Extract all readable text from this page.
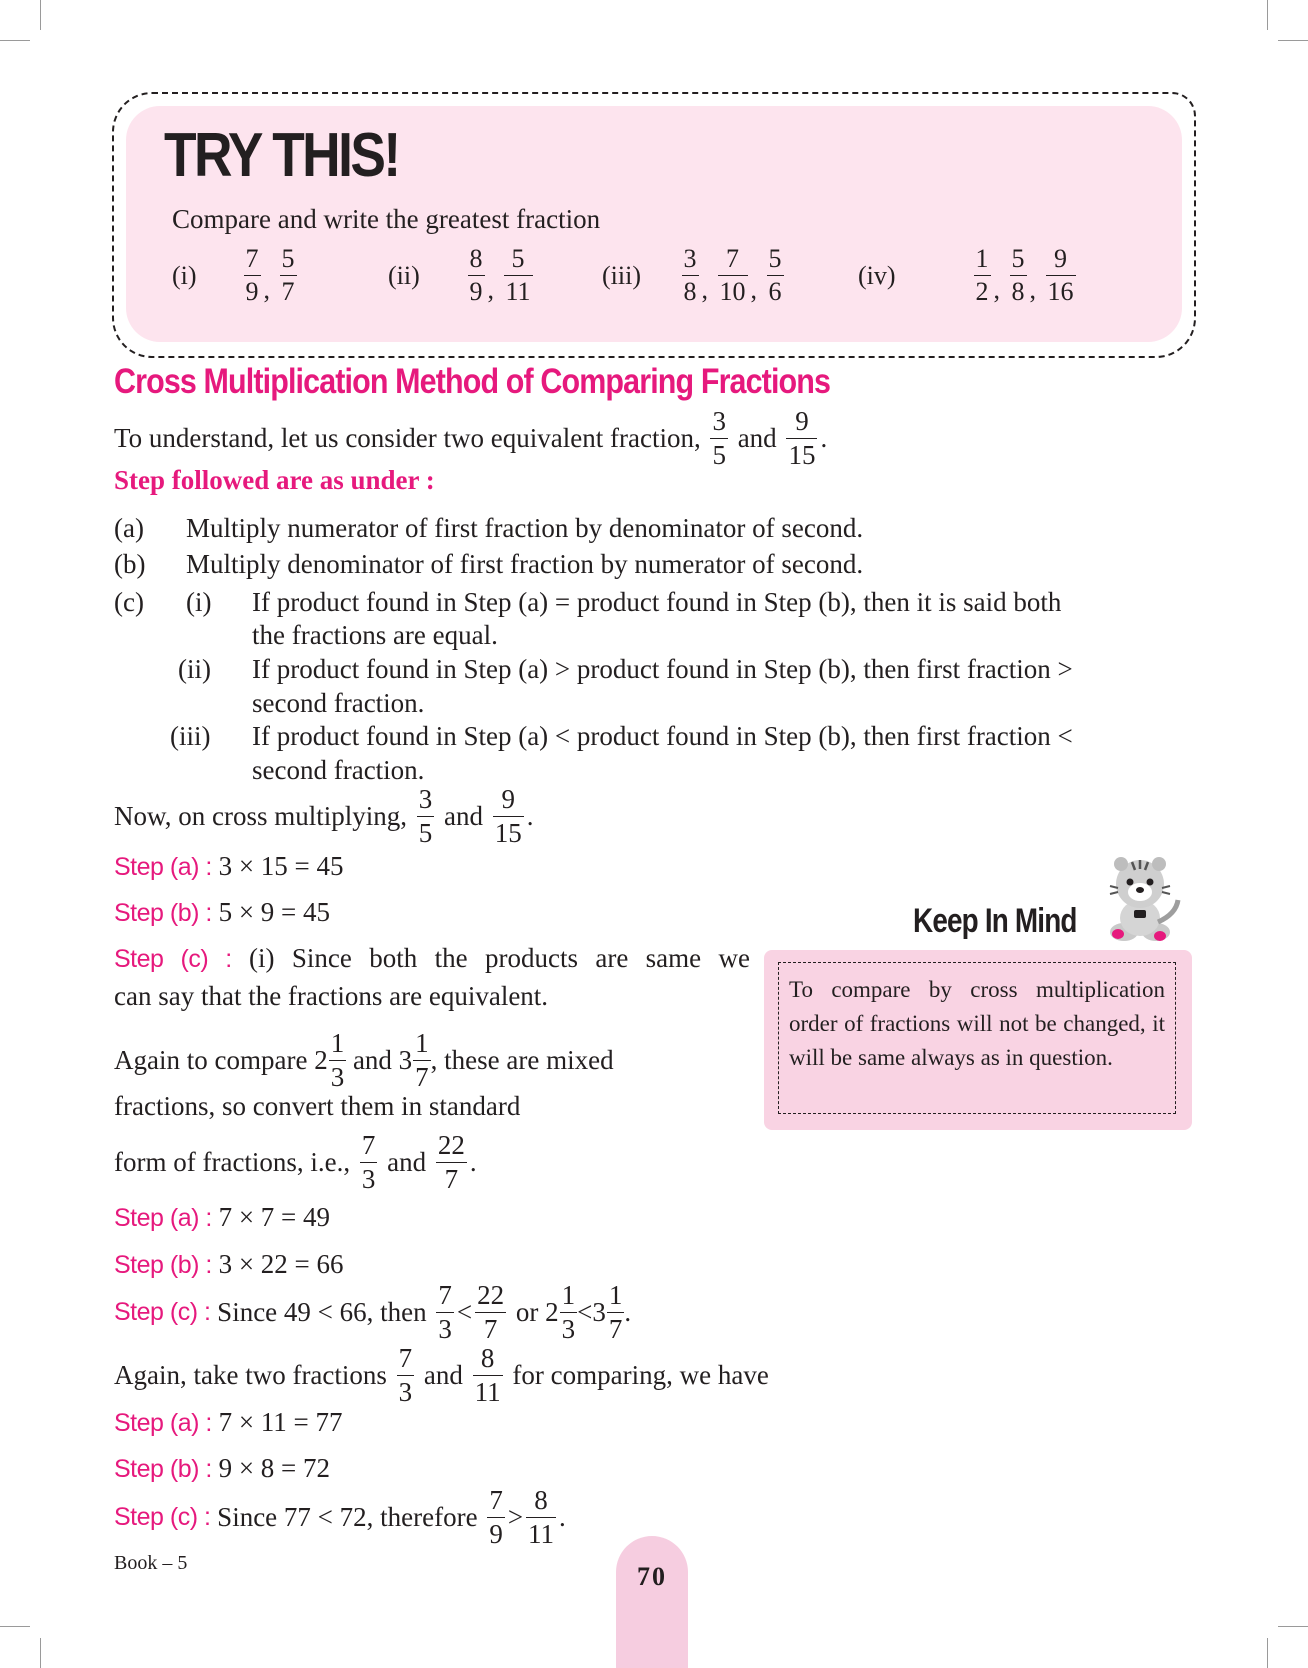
TRY THIS!
Compare and write the greatest fraction
$(i) \frac{7}{9}$ , $\frac{5}{7}$	$(ii) \frac{8}{9}$ , $\frac{5}{11}$	$(iii) \frac{3}{8}$ , $\frac{7}{10}$ , $\frac{5}{6}$	(iv)	$\frac{1}{2}$ , $\frac{5}{8}$ , $\frac{9}{16}$
Cross Multiplication Method of Comparing Fractions
To understand, let us consider two equivalent fraction, $\frac{3}{5}$ and $\frac{9}{15}$ .
Step followed are as under :
(a) Multiply numerator of first fraction by denominator of second.
(b) Multiply denominator of first fraction by numerator of second.
(c) (i) If product found in Step (a) = product found in Step (b), then it is said both
the fractions are equal.
(ii) If product found in Step (a) > product found in Step (b), then first fraction >
second fraction.
(iii) If product found in Step (a) < product found in Step (b), then first fraction <
second fraction.
Now, on cross multiplying, $\frac{3}{5}$ and $\frac{9}{15}$ .
Step (a) : 3 × 15 = 45
Step (b) : 5 × 9 = 45
Step (c) : (i) Since both the products are same we
can say that the fractions are equivalent.
Again to compare $2 \frac{1}{3}$ and $3 \frac{1}{7}$ , these are mixed
fractions, so convert them in standard
form of fractions, i.e., $\frac{7}{3}$ and $\frac{22}{7}$ .
Step (a) : 7 × 7 = 49
Step (b) : 3 × 22 = 66
Step (c) : Since 49 < 66, then $\frac{7}{3} < \frac{22}{7}$ or $2 \frac{1}{3} <3 \frac{1}{7}$ .
Again, take two fractions $\frac{7}{3}$ and $\frac{8}{11}$ for comparing, we have
Step (a) : 7 × 11 = 77
Step (b) : 9 × 8 = 72
Step (c) : Since 77 < 72, therefore $\frac{7}{9} > \frac{8}{11}$ .
Keep In Mind
To compare by cross multiplication order of fractions will not be changed, it will be same always as in question.
Book – 5	70
